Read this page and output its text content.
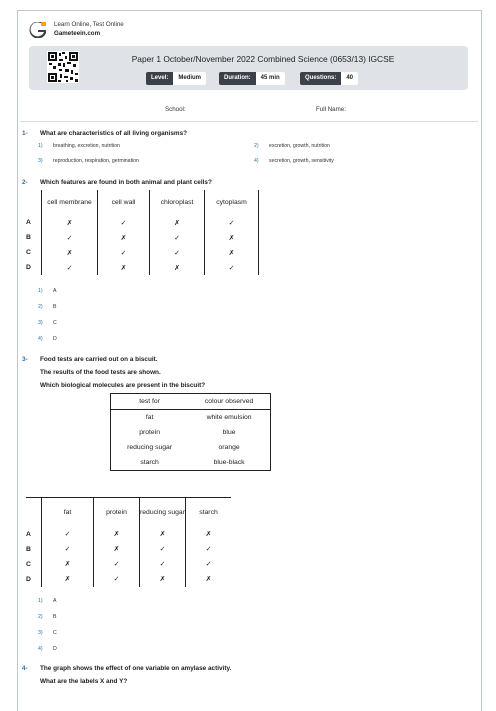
Learn Online, Test Online
Gameteein.com
Paper 1 October/November 2022 Combined Science (0653/13) IGCSE
Level:	Medium	Duration:	45 min	Questions:	40
School:	Full Name:
1- What are characteristics of all living organisms?
1) breathing, excretion, nutrition	2) excretion, growth, nutrition
3) reproduction, respiration, germination	4) secretion, growth, sensitivity
2- Which features are found in both animal and plant cells?
	cell membrane	cell wall	chloroplast	cytoplasm
A	✗	✓	✗	✓
B	✓	✗	✓	✗
C	✗	✓	✓	✗
D	✓	✗	✗	✓
1) A
2) B
3) C
4) D
3- Food tests are carried out on a biscuit.
The results of the food tests are shown.
Which biological molecules are present in the biscuit?
test for	colour observed
fat	white emulsion
protein	blue
reducing sugar	orange
starch	blue-black
	fat	protein	reducing sugar	starch
A	✓	✗	✗	✗
B	✓	✗	✓	✓
C	✗	✓	✓	✓
D	✗	✓	✗	✗
1) A
2) B
3) C
4) D
4- The graph shows the effect of one variable on amylase activity.
What are the labels X and Y?
